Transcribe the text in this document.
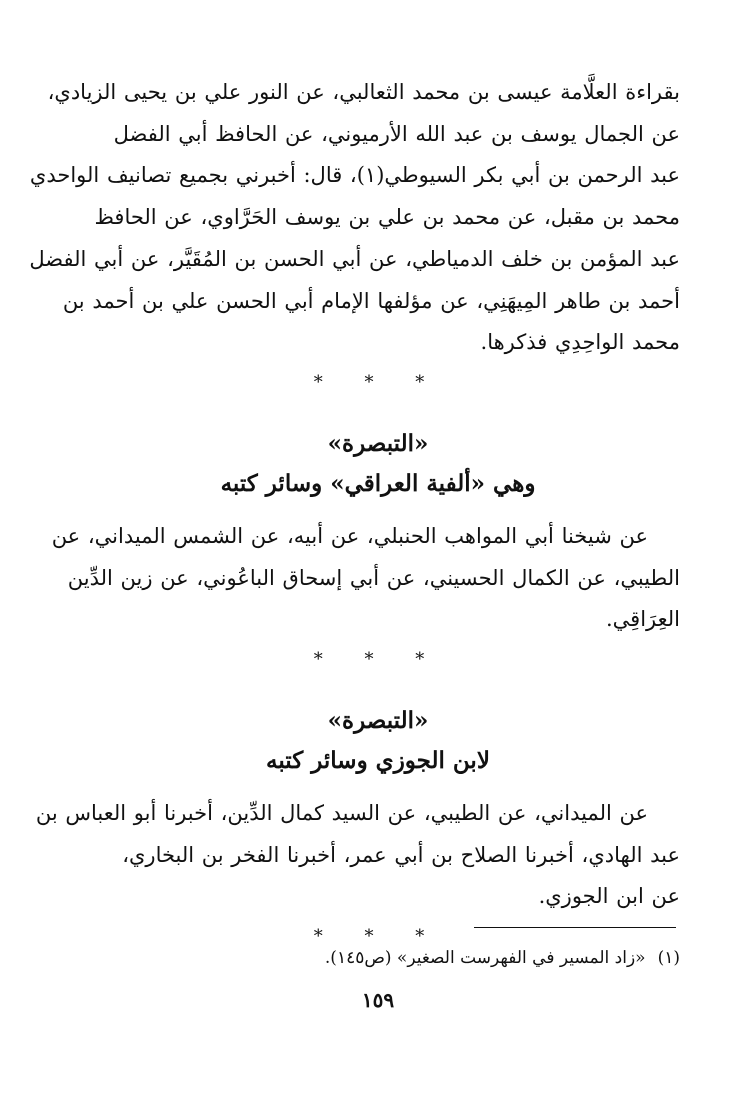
بقراءة العلَّامة عيسى بن محمد الثعالبي، عن النور علي بن يحيى الزيادي،
عن الجمال يوسف بن عبد الله الأرميوني، عن الحافظ أبي الفضل
عبد الرحمن بن أبي بكر السيوطي(١)، قال: أخبرني بجميع تصانيف الواحدي
محمد بن مقبل، عن محمد بن علي بن يوسف الحَرَّاوي، عن الحافظ
عبد المؤمن بن خلف الدمياطي، عن أبي الحسن بن المُقَيَّر، عن أبي الفضل
أحمد بن طاهر المِيهَنِي، عن مؤلفها الإمام أبي الحسن علي بن أحمد بن
محمد الواحِدِي فذكرها.

* * *

«التبصرة»

وهي «ألفية العراقي» وسائر كتبه

عن شيخنا أبي المواهب الحنبلي، عن أبيه، عن الشمس الميداني، عن
الطيبي، عن الكمال الحسيني، عن أبي إسحاق الباعُوني، عن زين الدِّين
العِرَاقِي.

* * *

«التبصرة»

لابن الجوزي وسائر كتبه

عن الميداني، عن الطيبي، عن السيد كمال الدِّين، أخبرنا أبو العباس بن
عبد الهادي، أخبرنا الصلاح بن أبي عمر، أخبرنا الفخر بن البخاري،
عن ابن الجوزي.

* * *
(١)«زاد المسير في الفهرست الصغير» (ص١٤٥).
١٥٩
